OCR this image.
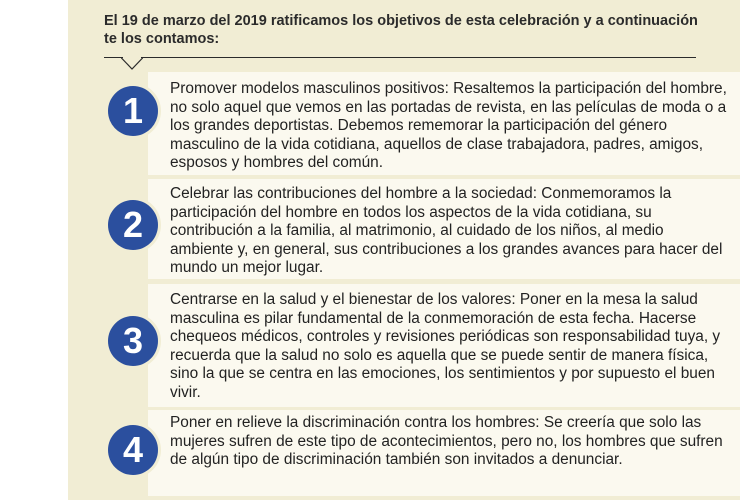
El 19 de marzo del 2019 ratificamos los objetivos de esta celebración y a continuación te los contamos:
Promover modelos masculinos positivos: Resaltemos la participación del hombre, no solo aquel que vemos en las portadas de revista, en las películas de moda o a los grandes deportistas. Debemos rememorar la participación del género masculino de la vida cotidiana, aquellos de clase trabajadora, padres, amigos, esposos y hombres del común.
1
Celebrar las contribuciones del hombre a la sociedad: Conmemoramos la participación del hombre en todos los aspectos de la vida cotidiana, su contribución a la familia, al matrimonio, al cuidado de los niños, al medio ambiente y, en general, sus contribuciones a los grandes avances para hacer del mundo un mejor lugar.
2
Centrarse en la salud y el bienestar de los valores: Poner en la mesa la salud masculina es pilar fundamental de la conmemoración de esta fecha. Hacerse chequeos médicos, controles y revisiones periódicas son responsabilidad tuya, y recuerda que la salud no solo es aquella que se puede sentir de manera física, sino la que se centra en las emociones, los sentimientos y por supuesto el buen vivir.
3
Poner en relieve la discriminación contra los hombres: Se creería que solo las mujeres sufren de este tipo de acontecimientos, pero no, los hombres que sufren de algún tipo de discriminación también son invitados a denunciar.
4
